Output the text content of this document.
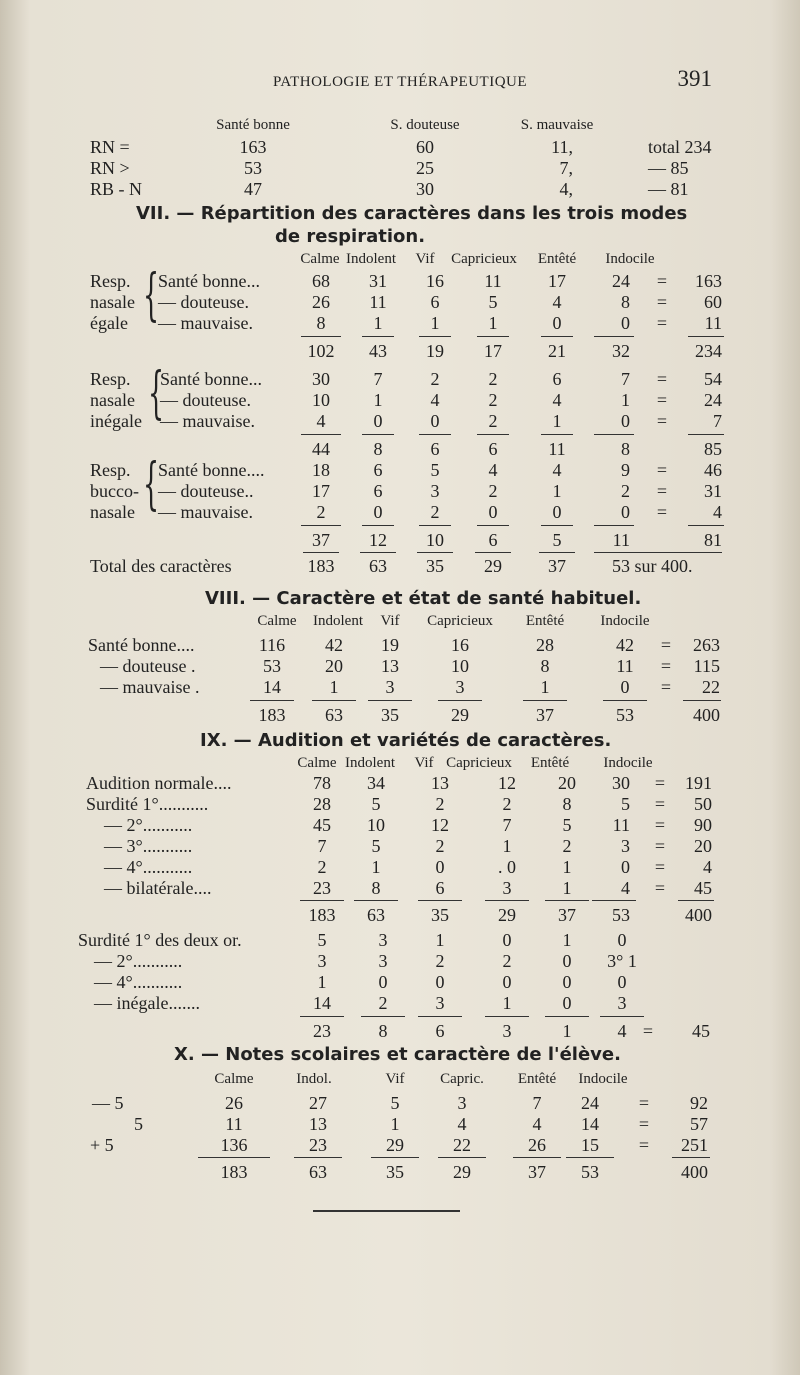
PATHOLOGIE ET THÉRAPEUTIQUE	391
Santé bonne	S. douteuse	S. mauvaise
RN =	163	60	11,	total 234
RN >	53	25	7,	— 85
RB - N	47	30	4,	— 81
VII. — Répartition des caractères dans les trois modes
de respiration.
Calme Indolent Vif Capricieux Entêté Indocile
Resp.
nasale
égale {
Santé bonne...	68 31 16 11	17	24 = 163
— douteuse.	26 11 6	5	4	8 = 60
— mauvaise.	8	1	1	1	0	0 = 11
102 43 19 17	21	32	234
Resp.
nasale
inégale {
Santé bonne...	30 7	2	2	6	7 = 54
— douteuse.	10 1	4	2	4	1 = 24
— mauvaise.	4	0	0	2	1	0 =	7
44 8	6	6	11	8	85
Resp.
bucco-
nasale {
Santé bonne....	18 6	5	4	4	9 = 46
— douteuse..	17 6	3	2	1	2 = 31
— mauvaise.	2	0	2	0	0	0 =	4
37 12 10 6	5	11	81
Total des caractères	183 63 35 29	37	53 sur 400.
VIII. — Caractère et état de santé habituel.
Calme Indolent Vif Capricieux Entêté Indocile
Santé bonne....	116 42 19	16	28	42 = 263
— douteuse .	53 20 13	10	8	11 = 115
— mauvaise .	14	1	3	3	1	0 = 22
183 63 35	29	37	53	400
IX. — Audition et variétés de caractères.
Calme Indolent Vif Capricieux Entêté Indocile
Audition normale....	78 34	13	12 20 30 = 191
Surdité 1°...........	28 5	2	2	8	5 = 50
— 2°...........	45 10	12	7	5 11 = 90
— 3°...........	7	5	2	1	2	3 = 20
— 4°...........	2	1	0	. 0	1	0 = 4
— bilatérale....	23 8	6	3	1	4 = 45
183 63	35	29 37 53	400
Surdité 1° des deux or.	5	3	1	0	1	0
— 2°...........	3	3	2	2	0 3° 1
— 4°...........	1	0	0	0	0	0
— inégale.......	14	2	3	1	0	3
23	8	6	3	1	4 = 45
X. — Notes scolaires et caractère de l'élève.
Calme	Indol.	Vif Capric. Entêté Indocile
— 5	26	27	5	3	7 24 = 92
5	11	13	1	4	4 14 = 57
+ 5	136	23	29	22	26 15 = 251
183	63	35	29	37 53	400
